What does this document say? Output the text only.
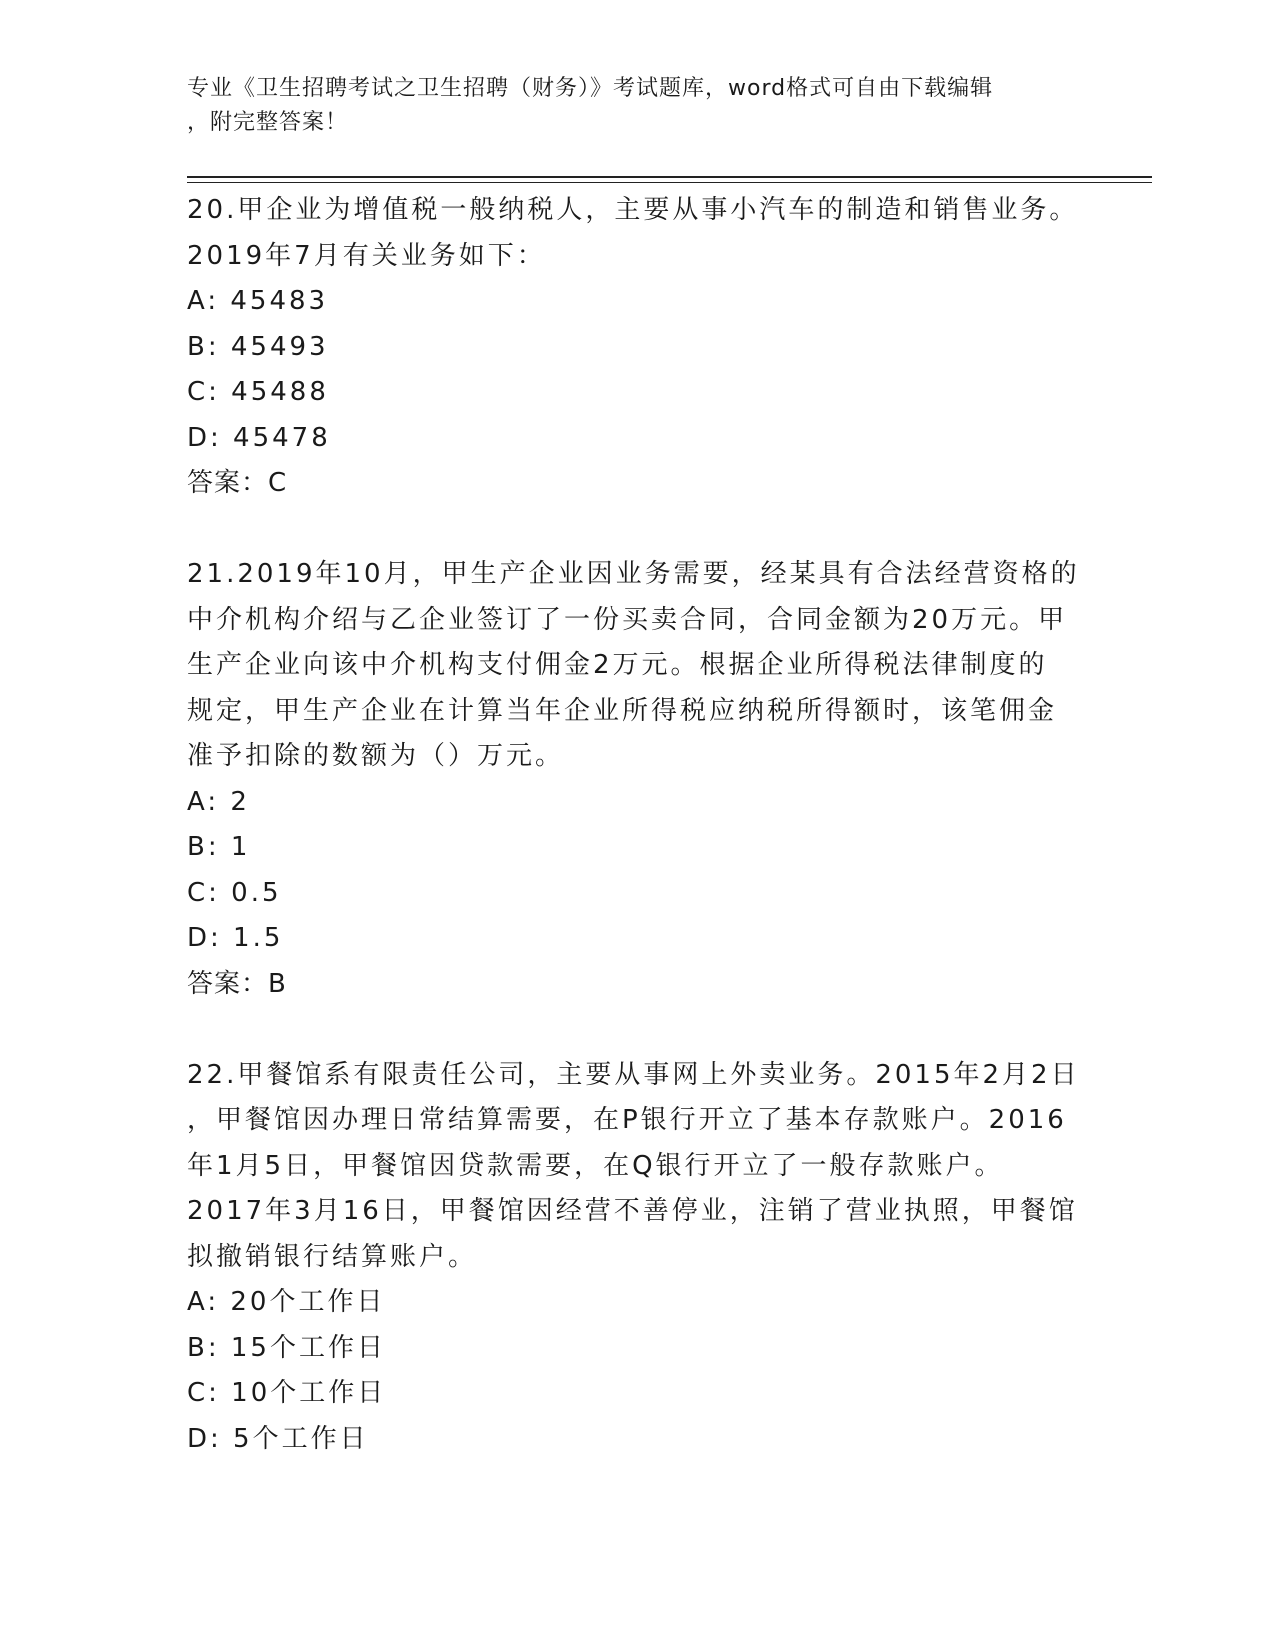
专业《卫生招聘考试之卫生招聘（财务）》考试题库，word格式可自由下载编辑
，附完整答案！
20.甲企业为增值税一般纳税人，主要从事小汽车的制造和销售业务。
2019年7月有关业务如下：
A: 45483
B: 45493
C: 45488
D: 45478
答案：C
21.2019年10月，甲生产企业因业务需要，经某具有合法经营资格的
中介机构介绍与乙企业签订了一份买卖合同，合同金额为20万元。甲
生产企业向该中介机构支付佣金2万元。根据企业所得税法律制度的
规定，甲生产企业在计算当年企业所得税应纳税所得额时，该笔佣金
准予扣除的数额为（）万元。
A: 2
B: 1
C: 0.5
D: 1.5
答案：B
22.甲餐馆系有限责任公司，主要从事网上外卖业务。2015年2月2日
，甲餐馆因办理日常结算需要，在P银行开立了基本存款账户。2016
年1月5日，甲餐馆因贷款需要，在Q银行开立了一般存款账户。
2017年3月16日，甲餐馆因经营不善停业，注销了营业执照，甲餐馆
拟撤销银行结算账户。
A: 20个工作日
B: 15个工作日
C: 10个工作日
D: 5个工作日
